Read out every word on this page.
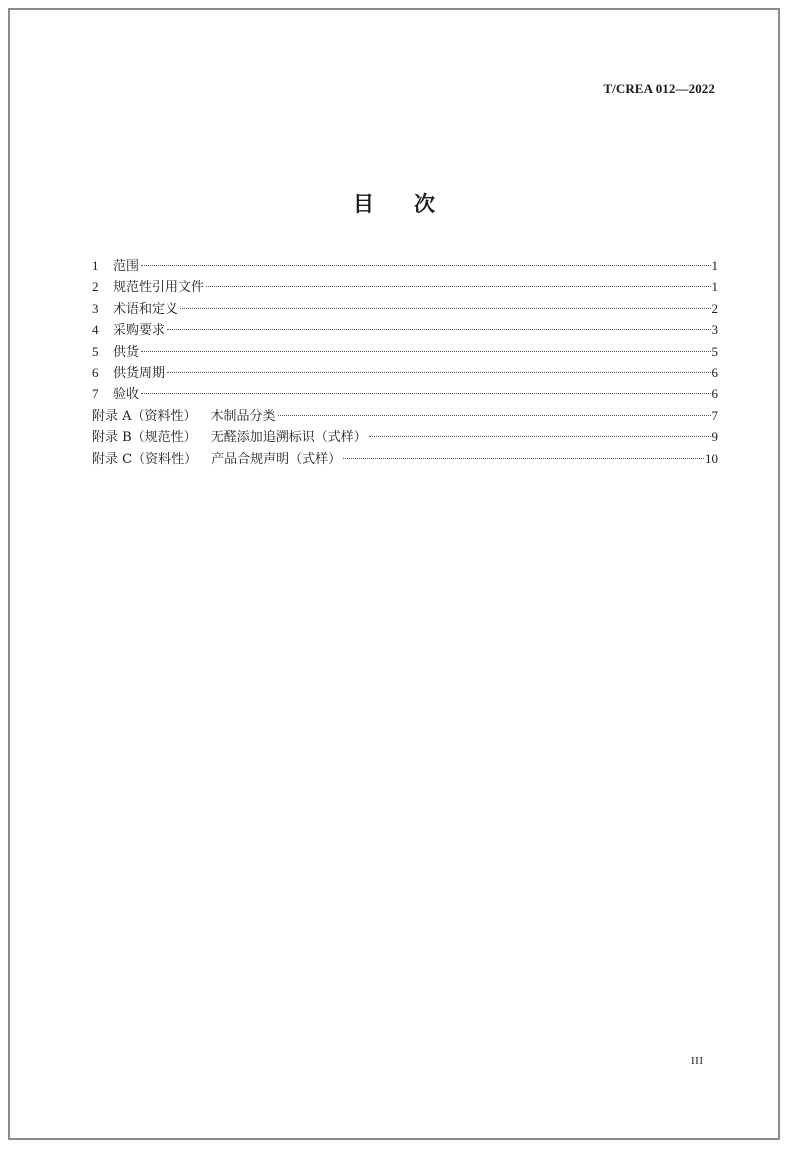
T/CREA 012—2022
目 次
1	范围	1
2	规范性引用文件	1
3	术语和定义	2
4	采购要求	3
5	供货	5
6	供货周期	6
7	验收	6
附录 A（资料性） 木制品分类	7
附录 B（规范性） 无醛添加追溯标识（式样）	9
附录 C（资料性） 产品合规声明（式样）	10
III
